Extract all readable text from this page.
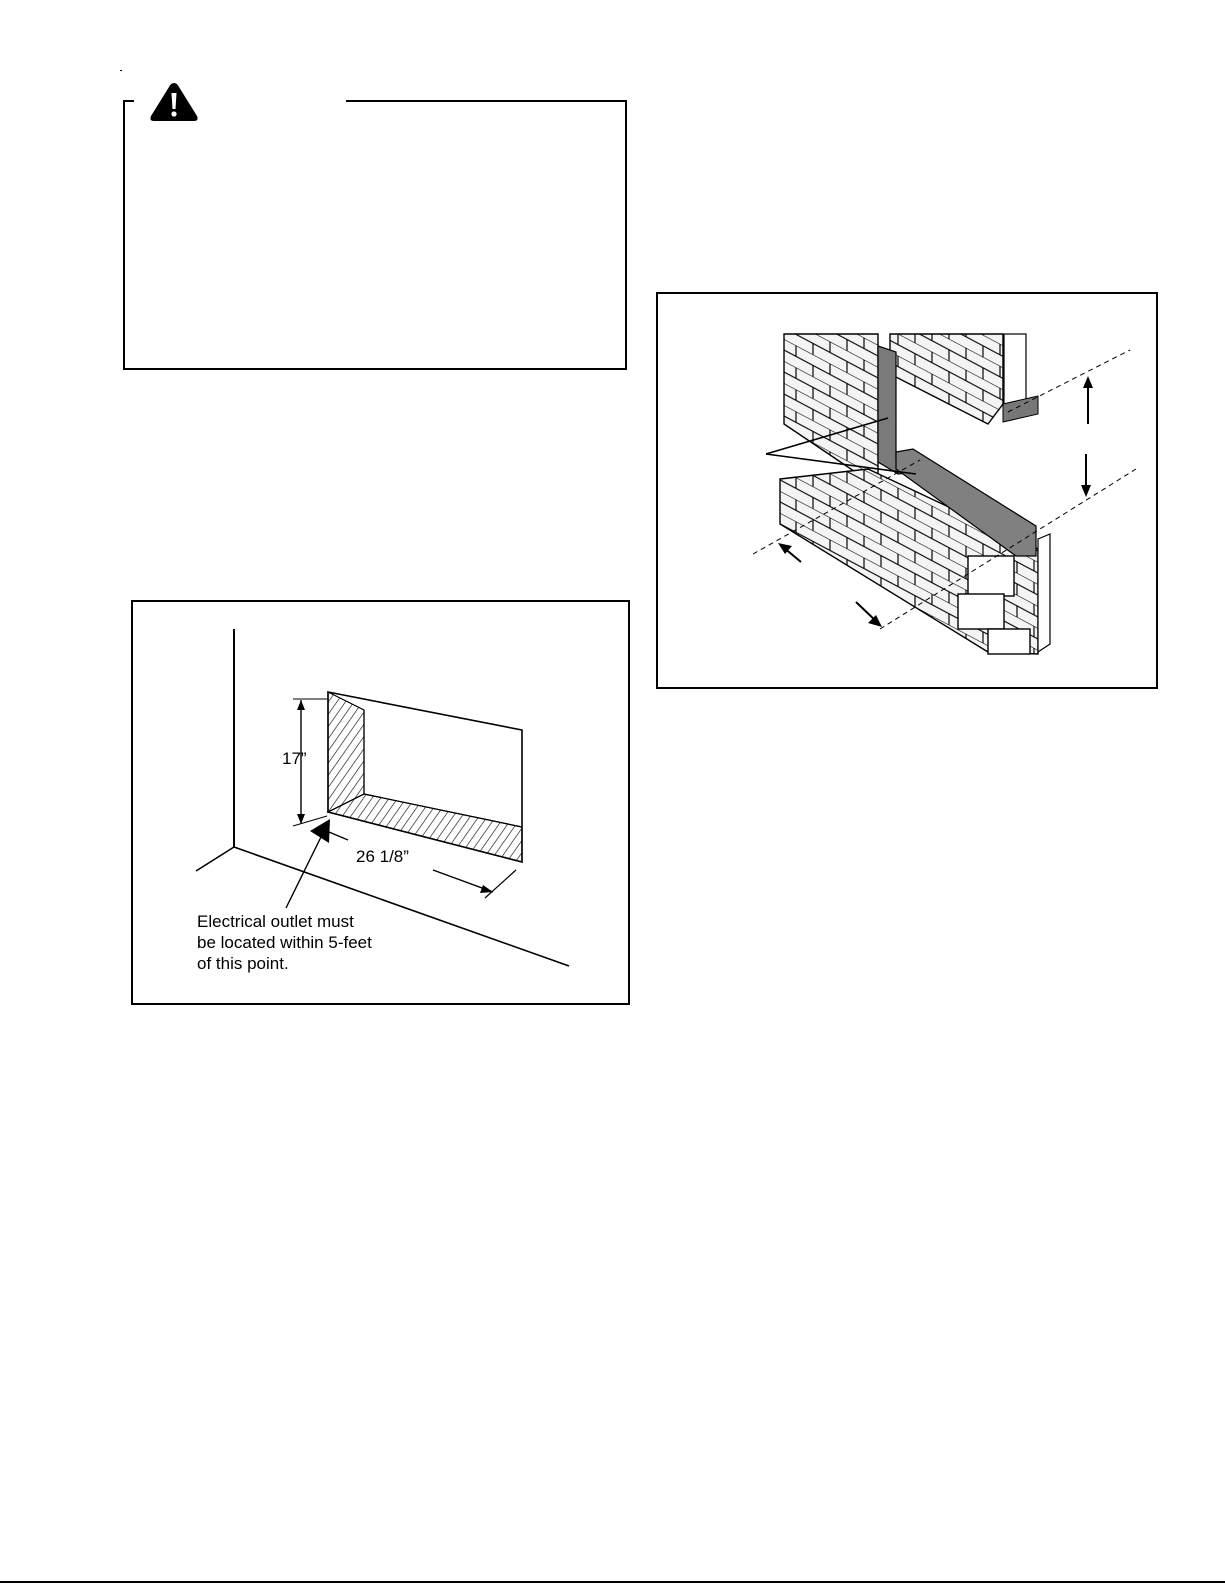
17”
26 1/8”
Electrical outlet must
be located within 5-feet
of this point.
